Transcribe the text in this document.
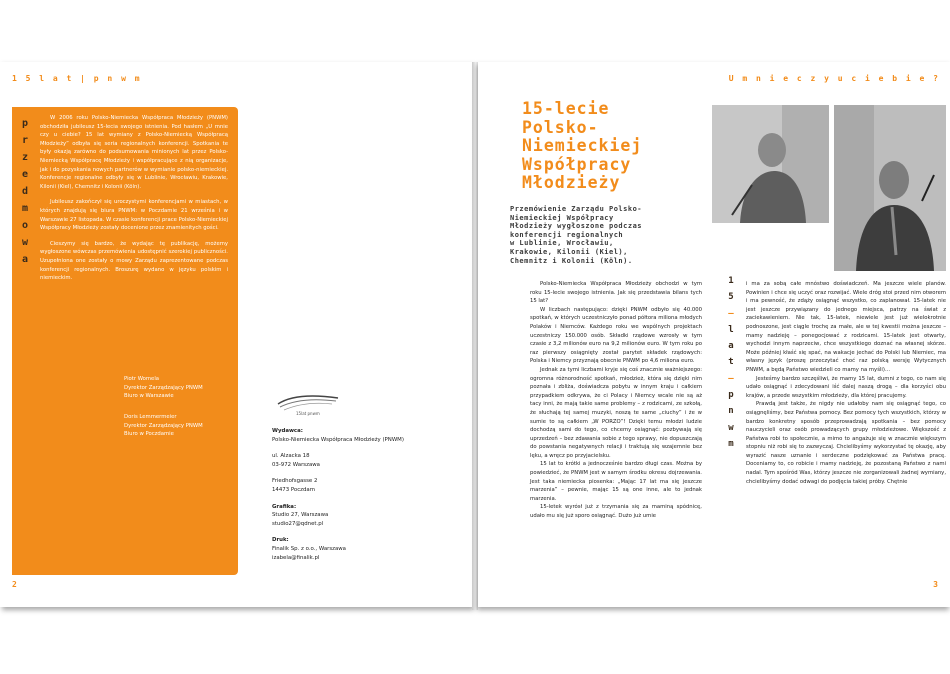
1 5 l a t | p n w m
p
r
z
e
d
m
o
w
a

W 2006 roku Polsko-Niemiecka Współpraca Młodzieży (PNWM) obchodziła jubileusz 15-lecia swojego istnienia. Pod hasłem „U mnie czy u ciebie? 15 lat wymiany z Polsko-Niemiecką Współpracą Młodzieży” odbyła się seria regionalnych konferencji. Spotkania te były okazją zarówno do podsumowania minionych lat przez Polsko-Niemiecką Współpracę Młodzieży i współpracujące z nią organizacje, jak i do pozyskania nowych partnerów w wymianie polsko-niemieckiej. Konferencje regionalne odbyły się w Lublinie, Wrocławiu, Krakowie, Kilonii (Kiel), Chemnitz i Kolonii (Köln).

Jubileusz zakończył się uroczystymi konferencjami w miastach, w których znajdują się biura PNWM: w Poczdamie 21 września i w Warszawie 27 listopada. W czasie konferencji prace Polsko-Niemieckiej Współpracy Młodzieży zostały docenione przez znamienitych gości.

Cieszymy się bardzo, że wydając tę publikację, możemy wygłoszone wówczas przemówienia udostępnić szerokiej publiczności. Uzupełniona one zostały o mowy Zarządu zaprezentowane podczas konferencji regionalnych. Broszurę wydano w języku polskim i niemieckim.

Piotr Womela
Dyrektor Zarządzający PNWM
Biuro w Warszawie
Doris Lemmermeier
Dyrektor Zarządzający PNWM
Biuro w Poczdamie
15lat pnwm
Wydawca:
Polsko-Niemiecka Współpraca Młodzieży (PNWM)
ul. Alzacka 18
03-972 Warszawa
Friedhofsgasse 2
14473 Poczdam
Grafika:
Studio 27, Warszawa
studio27@qdnet.pl
Druk:
Finalik Sp. z o.o., Warszawa
izabela@finalik.pl
2
U m n i e c z y u c i e b i e ?
15-lecie
Polsko-
Niemieckiej
Współpracy
Młodzieży
Przemówienie Zarządu Polsko-
Niemieckiej Współpracy
Młodzieży wygłoszone podczas
konferencji regionalnych
w Lublinie, Wrocławiu,
Krakowie, Kilonii (Kiel),
Chemnitz i Kolonii (Köln).

Polsko-Niemiecka Współpraca Młodzieży obchodzi w tym roku 15-lecie swojego istnienia. Jak się przedstawia bilans tych 15 lat?

W liczbach następująco: dzięki PNWM odbyło się 40.000 spotkań, w których uczestniczyło ponad półtora miliona młodych Polaków i Niemców. Każdego roku we wspólnych projektach uczestniczy 150.000 osób. Składki rządowe wzrosły w tym czasie z 3,2 milionów euro na 9,2 milionów euro. W tym roku po raz pierwszy osiągnięty został parytet składek rządowych: Polska i Niemcy przyznają obecnie PNWM po 4,6 miliona euro.

Jednak za tymi liczbami kryje się coś znacznie ważniejszego: ogromna różnorodność spotkań, młodzież, która się dzięki nim poznała i zbliża, doświadcza pobytu w innym kraju i całkiem przypadkiem odkrywa, że ci Polacy i Niemcy wcale nie są aż tacy inni, że mają takie same problemy – z rodzicami, ze szkołą, że słuchają tej samej muzyki, noszą te same „ciuchy” i że w sumie to są całkiem „W PORZO”! Dzięki temu młodzi ludzie dochodzą sami do tego, co chcemy osiągnąć: pozbywają się uprzedzeń – bez zdawania sobie z tego sprawy, nie dopuszczają do powstania negatywnych relacji i traktują się wzajemnie bez lęku, a wręcz po przyjacielsku.

15 lat to krótki a jednocześnie bardzo długi czas. Można by powiedzieć, że PNWM jest w samym środku okresu dojrzewania. Jest taka niemiecka piosenka: „Mając 17 lat ma się jeszcze marzenia” – pewnie, mając 15 są one inne, ale to jednak marzenia.

15-letek wyrósł już z trzymania się za maminą spódnicę, udało mu się już sporo osiągnąć. Dużo już umie

1
5
–
l
a
t
–
p
n
w
m

i ma za sobą całe mnóstwo doświadczeń. Ma jeszcze wiele planów. Powinien i chce się uczyć oraz rozwijać. Wiele dróg stoi przed nim otworem i ma pewność, że zdąży osiągnąć wszystko, co zaplanował. 15-latek nie jest jeszcze przywiązany do jednego miejsca, patrzy na świat z zaciekawieniem. Nie tak, 15-latek, niewiele jest już wielokrotnie podnoszone, jest ciągle trochę za małe, ale w tej kwestii można jeszcze – mamy nadzieję – ponegocjować z rodzicami. 15-latek jest otwarty, wychodzi innym naprzeciw, chce wszystkiego doznać na własnej skórze. Może później kłaść się spać, na wakacje jechać do Polski lub Niemiec, ma własny język (proszę przeczytać choć raz polską wersję Wytycznych PNWM, a będą Państwo wiedzieli co mamy na myśli)...

Jesteśmy bardzo szczęśliwi, że mamy 15 lat, dumni z tego, co nam się udało osiągnąć i zdecydowani iść dalej naszą drogą – dla korzyści obu krajów, a przede wszystkim młodzieży, dla której pracujemy.

Prawdą jest także, że nigdy nie udałoby nam się osiągnąć tego, co osiągnęliśmy, bez Państwa pomocy. Bez pomocy tych wszystkich, którzy w bardzo konkretny sposób przeprowadzają spotkania – bez pomocy nauczycieli oraz osób prowadzących grupy młodzieżowe. Większość z Państwa robi to społecznie, a mimo to angażuje się w znacznie większym stopniu niż robi się to zazwyczaj. Chcielibyśmy wykorzystać tę okazję, aby wyrazić nasze uznanie i serdeczne podziękować za Państwa pracę. Doceniamy to, co robicie i mamy nadzieję, że pozostaną Państwo z nami nadal. Tym spośród Was, którzy jeszcze nie zorganizowali żadnej wymiany, chcielibyśmy dodać odwagi do podjęcia takiej próby. Chętnie

3
